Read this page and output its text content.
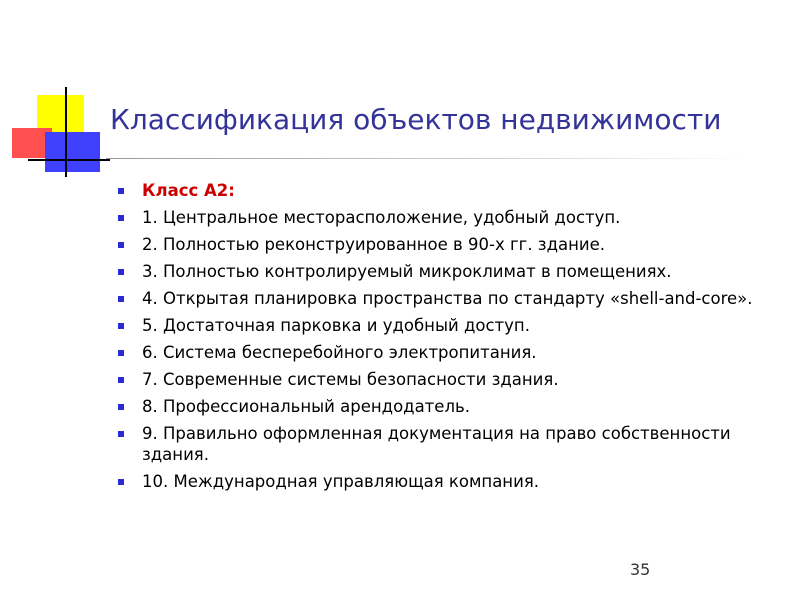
Классификация объектов недвижимости
Класс А2:
1. Центральное месторасположение, удобный доступ.
2. Полностью реконструированное в 90-х гг. здание.
3. Полностью контролируемый микроклимат в помещениях.
4. Открытая планировка пространства по стандарту «shell-and-core».
5. Достаточная парковка и удобный доступ.
6. Система бесперебойного электропитания.
7. Современные системы безопасности здания.
8. Профессиональный арендодатель.
9. Правильно оформленная документация на право собственности здания.
10. Международная управляющая компания.
35
